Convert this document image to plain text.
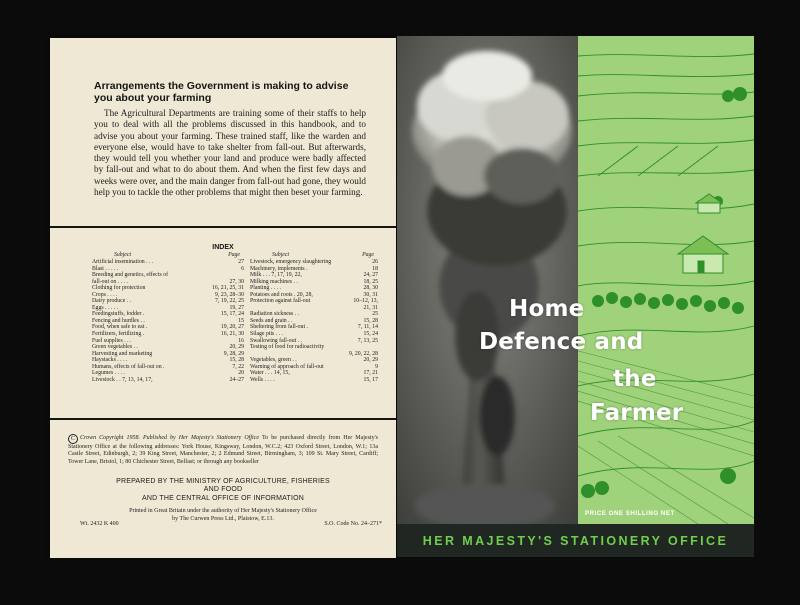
Arrangements the Government is making to advise you about your farming

The Agricultural Departments are training some of their staffs to help you to deal with all the problems discussed in this handbook, and to advise you about your farming. These trained staff, like the warden and everyone else, would have to take shelter from fall-out. But afterwards, they would tell you whether your land and produce were badly affected by fall-out and what to do about them. And when the first few days and weeks were over, and the main danger from fall-out had gone, they would help you to tackle the other problems that might then beset your farming.

INDEX
Subject	Page
Artificial insemination . . .	27
Blast . . . . .	6
Breeding and genetics, effects of
fall-out on . . . .	27, 30
Clothing for protection	16, 21, 25, 31
Crops . . . .	9, 23, 28–30
Dairy produce . .	7, 19, 22, 25
Eggs . . . . .	19, 27
Feedingstuffs, fodder .	15, 17, 24
Fencing and hurdles . .	15
Food, when safe to eat .	19, 20, 27
Fertilizers, fertilizing .	16, 21, 30
Fuel supplies . . .	16
Green vegetables . .	20, 29
Harvesting and marketing	9, 28, 29
Haystacks . . . .	15, 28
Humans, effects of fall-out on .	7, 22
Legumes . . . .	20
Livestock . . 7, 13, 14, 17,	24–27
Subject	Page
Livestock, emergency slaughtering	26
Machinery, implements .	18
Milk . . . 7, 17, 19, 22,	24, 27
Milking machines . .	18, 25
Planting . . . .	28, 30
Potatoes and roots . 20, 28,	30, 31
Protection against fall-out	10–12, 13,
21, 31
Radiation sickness . .	25
Seeds and grain . .	15, 28
Sheltering from fall-out .	7, 11, 14
Silage pits . . .	15, 24
Swallowing fall-out . .	7, 13, 25
Testing of food for radioactivity
9, 20, 22, 28
Vegetables, green . .	20, 29
Warning of approach of fall-out	9
Water . . . 14, 15,	17, 21
Wells . . . .	15, 17
C Crown Copyright 1958. Published by Her Majesty's Stationery Office To be purchased directly from Her Majesty's Stationery Office at the following addresses: York House, Kingsway, London, W.C.2; 423 Oxford Street, London, W.1; 13a Castle Street, Edinburgh, 2; 39 King Street, Manchester, 2; 2 Edmund Street, Birmingham, 3; 109 St. Mary Street, Cardiff; Tower Lane, Bristol, 1; 80 Chichester Street, Belfast; or through any bookseller
PREPARED BY THE MINISTRY OF AGRICULTURE, FISHERIES
AND FOOD
AND THE CENTRAL OFFICE OF INFORMATION
Printed in Great Britain under the authority of Her Majesty's Stationery Office
by The Curwen Press Ltd., Plaistow, E.13.
Wt. 2432 K 400	S.O. Code No. 24–271*
Home
Defence and
the
Farmer
PRICE ONE SHILLING NET
HER MAJESTY'S STATIONERY OFFICE
